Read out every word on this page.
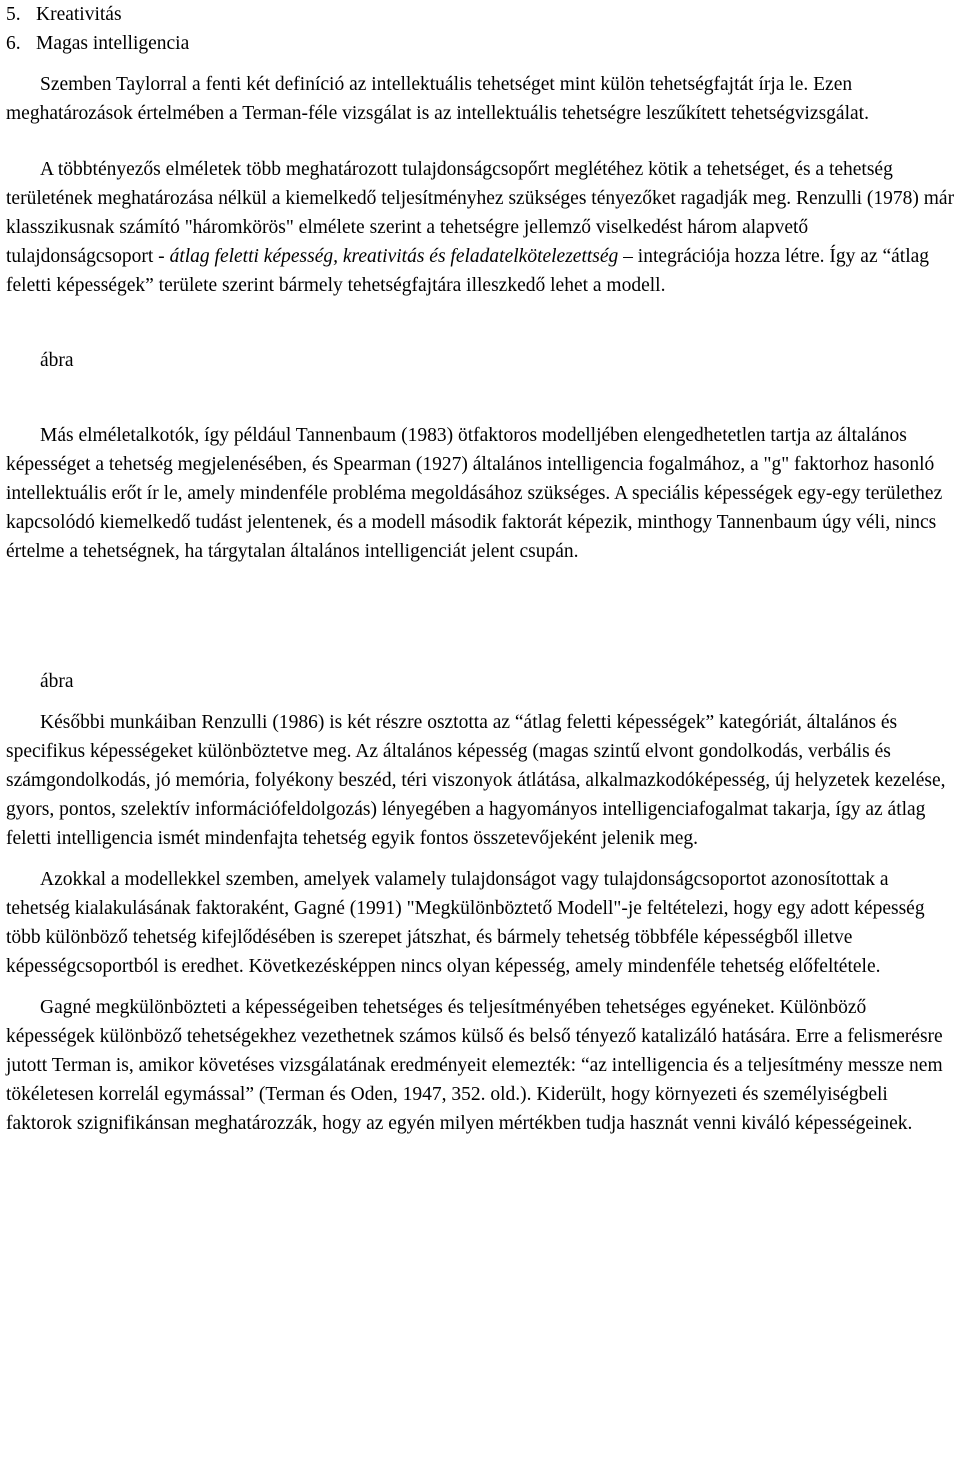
5. Kreativitás
6. Magas intelligencia

Szemben Taylorral a fenti két definíció az intellektuális tehetséget mint külön tehetségfajtát írja le. Ezen meghatározások értelmében a Terman-féle vizsgálat is az intellektuális tehetségre leszűkített tehetségvizsgálat.

A többtényezős elméletek több meghatározott tulajdonságcsopőrt meglétéhez kötik a tehetséget, és a tehetség területének meghatározása nélkül a kiemelkedő teljesítményhez szükséges tényezőket ragadják meg. Renzulli (1978) már klasszikusnak számító "háromkörös" elmélete szerint a tehetségre jellemző viselkedést három alapvető tulajdonságcsoport - átlag feletti képesség, kreativitás és feladatelkötelezettség – integrációja hozza létre. Így az “átlag feletti képességek” területe szerint bármely tehetségfajtára illeszkedő lehet a modell.

ábra

Más elméletalkotók, így például Tannenbaum (1983) ötfaktoros modelljében elengedhetetlen tartja az általános képességet a tehetség megjelenésében, és Spearman (1927) általános intelligencia fogalmához, a "g" faktorhoz hasonló intellektuális erőt ír le, amely mindenféle probléma megoldásához szükséges. A speciális képességek egy-egy területhez kapcsolódó kiemelkedő tudást jelentenek, és a modell második faktorát képezik, minthogy Tannenbaum úgy véli, nincs értelme a tehetségnek, ha tárgytalan általános intelligenciát jelent csupán.

ábra

Későbbi munkáiban Renzulli (1986) is két részre osztotta az “átlag feletti képességek” kategóriát, általános és specifikus képességeket különböztetve meg. Az általános képesség (magas szintű elvont gondolkodás, verbális és számgondolkodás, jó memória, folyékony beszéd, téri viszonyok átlátása, alkalmazkodóképesség, új helyzetek kezelése, gyors, pontos, szelektív információfeldolgozás) lényegében a hagyományos intelligenciafogalmat takarja, így az átlag feletti intelligencia ismét mindenfajta tehetség egyik fontos összetevőjeként jelenik meg.

Azokkal a modellekkel szemben, amelyek valamely tulajdonságot vagy tulajdonságcsoportot azonosítottak a tehetség kialakulásának faktoraként, Gagné (1991) "Megkülönböztető Modell"-je feltételezi, hogy egy adott képesség több különböző tehetség kifejlődésében is szerepet játszhat, és bármely tehetség többféle képességből illetve képességcsoportból is eredhet. Következésképpen nincs olyan képesség, amely mindenféle tehetség előfeltétele.

Gagné megkülönbözteti a képességeiben tehetséges és teljesítményében tehetséges egyéneket. Különböző képességek különböző tehetségekhez vezethetnek számos külső és belső tényező katalizáló hatására. Erre a felismerésre jutott Terman is, amikor követéses vizsgálatának eredményeit elemezték: “az intelligencia és a teljesítmény messze nem tökéletesen korrelál egymással” (Terman és Oden, 1947, 352. old.). Kiderült, hogy környezeti és személyiségbeli faktorok szignifikánsan meghatározzák, hogy az egyén milyen mértékben tudja hasznát venni kiváló képességeinek.
